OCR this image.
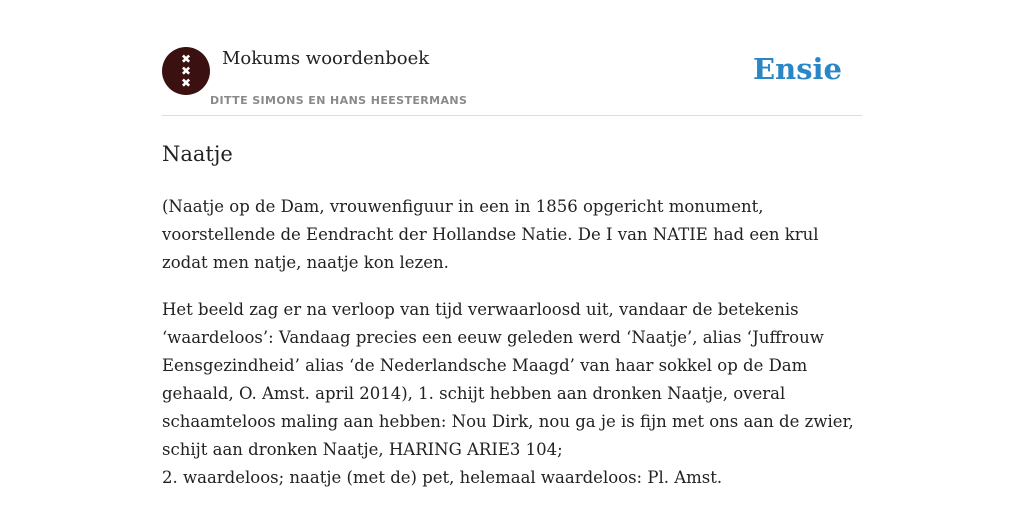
✖
✖
✖
Mokums woordenboek
DITTE SIMONS EN HANS HEESTERMANS
Ensie
Naatje

(Naatje op de Dam, vrouwenfiguur in een in 1856 opgericht monument,
voorstellende de Eendracht der Hollandse Natie. De I van NATIE had een krul
zodat men natje, naatje kon lezen.

Het beeld zag er na verloop van tijd verwaarloosd uit, vandaar de betekenis
‘waardeloos’: Vandaag precies een eeuw geleden werd ‘Naatje’, alias ‘Juffrouw
Eensgezindheid’ alias ‘de Nederlandsche Maagd’ van haar sokkel op de Dam
gehaald, O. Amst. april 2014), 1. schijt hebben aan dronken Naatje, overal
schaamteloos maling aan hebben: Nou Dirk, nou ga je is fijn met ons aan de zwier,
schijt aan dronken Naatje, HARING ARIE3 104;
2. waardeloos; naatje (met de) pet, helemaal waardeloos: Pl. Amst.
